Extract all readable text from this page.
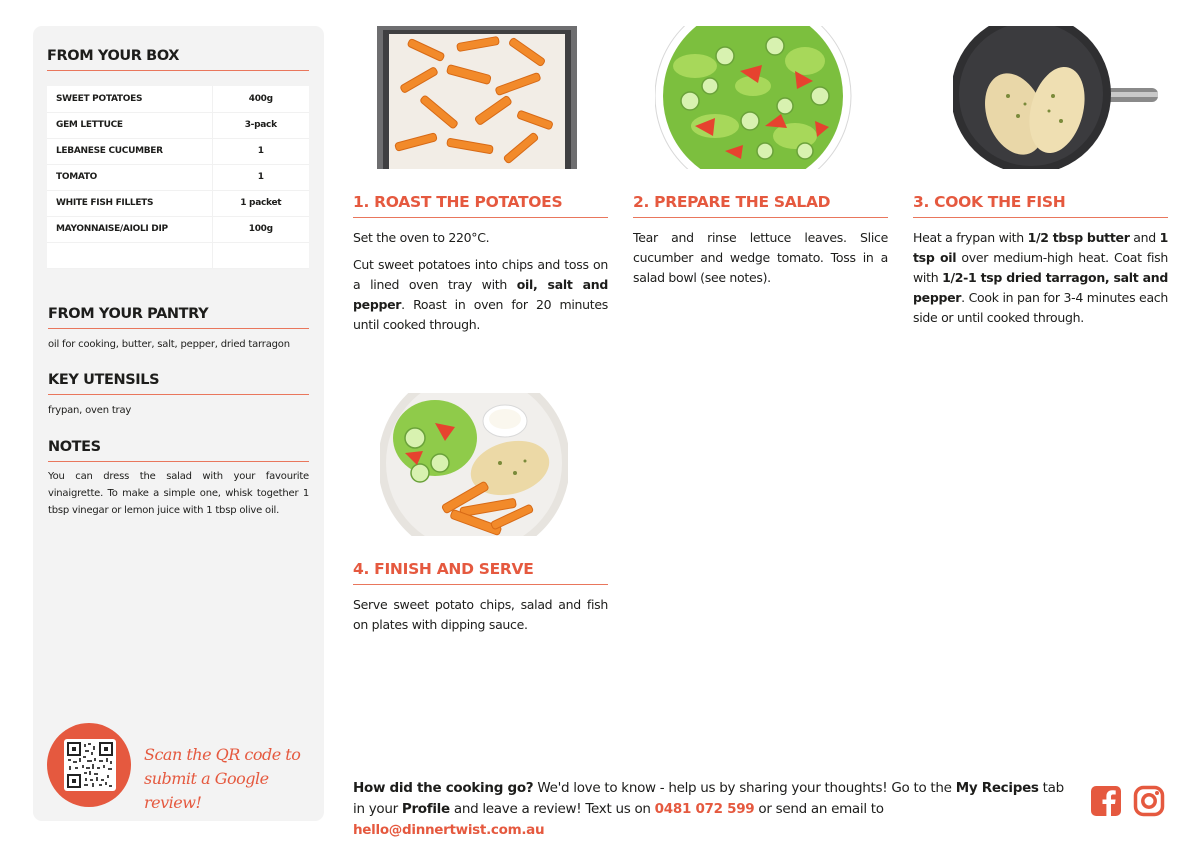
FROM YOUR BOX
SWEET POTATOES	400g
GEM LETTUCE	3-pack
LEBANESE CUCUMBER	1
TOMATO	1
WHITE FISH FILLETS	1 packet
MAYONNAISE/AIOLI DIP	100g

FROM YOUR PANTRY
oil for cooking, butter, salt, pepper, dried tarragon
KEY UTENSILS
frypan, oven tray
NOTES
You can dress the salad with your favourite vinaigrette. To make a simple one, whisk together 1 tbsp vinegar or lemon juice with 1 tbsp olive oil.
Scan the QR code to
submit a Google review!
1. ROAST THE POTATOES

Set the oven to 220°C.

Cut sweet potatoes into chips and toss on a lined oven tray with oil, salt and pepper. Roast in oven for 20 minutes until cooked through.

2. PREPARE THE SALAD

Tear and rinse lettuce leaves. Slice cucumber and wedge tomato. Toss in a salad bowl (see notes).

3. COOK THE FISH

Heat a frypan with 1/2 tbsp butter and 1 tsp oil over medium-high heat. Coat fish with 1/2-1 tsp dried tarragon, salt and pepper. Cook in pan for 3-4 minutes each side or until cooked through.

4. FINISH AND SERVE

Serve sweet potato chips, salad and fish on plates with dipping sauce.

How did the cooking go? We'd love to know - help us by sharing your thoughts! Go to the My Recipes tab in your Profile and leave a review! Text us on 0481 072 599 or send an email to hello@dinnertwist.com.au
